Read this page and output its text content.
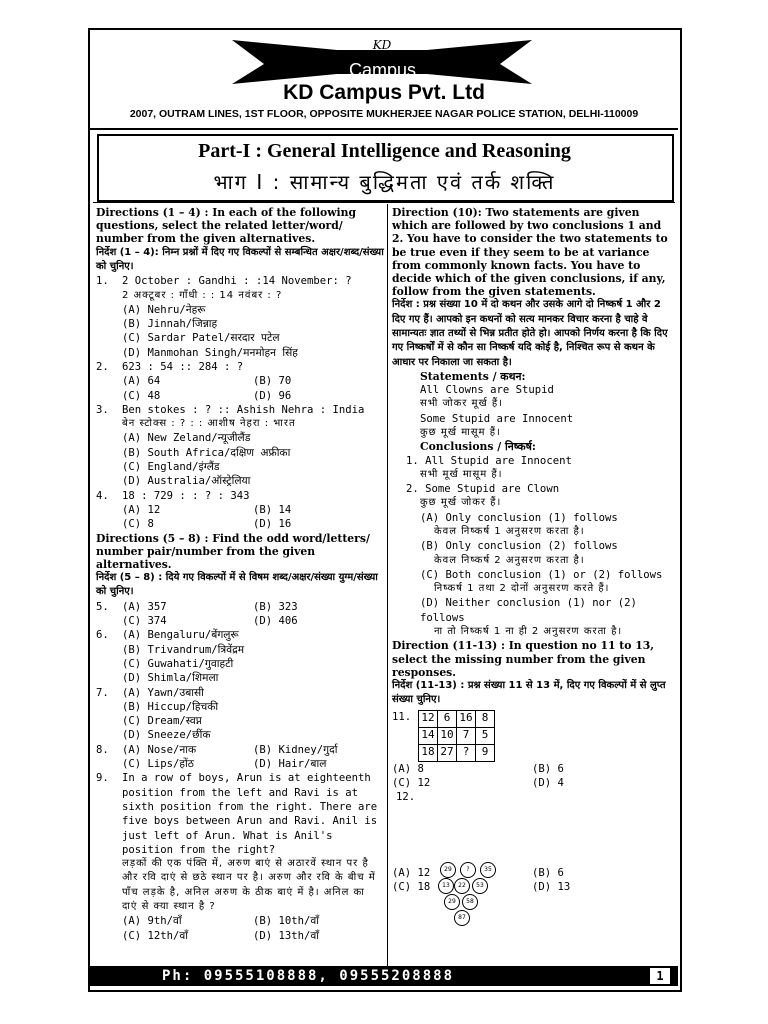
KD
Campus
KD Campus Pvt. Ltd
2007, OUTRAM LINES, 1ST FLOOR, OPPOSITE MUKHERJEE NAGAR POLICE STATION, DELHI-110009
Part-I : General Intelligence and Reasoning
भाग I : सामान्य बुद्धिमता एवं तर्क शक्ति
Directions (1 – 4) : In each of the following questions, select the related letter/word/ number from the given alternatives.
निर्देश (1 – 4): निम्न प्रश्नों में दिए गए विकल्पों से सम्बन्धित अक्षर/शब्द/संख्या को चुनिए।
1.	2 October : Gandhi : :14 November: ?
2 अक्टूबर : गाँधी : : 14 नवंबर : ?
(A) Nehru/नेहरू
(B) Jinnah/जिन्नाह
(C) Sardar Patel/सरदार पटेल
(D) Manmohan Singh/मनमोहन सिंह
2.	623 : 54 :: 284 : ?
(A) 64	(B) 70
(C) 48	(D) 96
3.	Ben stokes : ? :: Ashish Nehra : India
बेन स्टोक्स : ? : : आशीष नेहरा : भारत
(A) New Zeland/न्यूजीलैंड
(B) South Africa/दक्षिण अफ्रीका
(C) England/इंग्लैंड
(D) Australia/ऑस्ट्रेलिया
4.	18 : 729 : : ? : 343
(A) 12	(B) 14
(C) 8	(D) 16
Directions (5 – 8) : Find the odd word/letters/ number pair/number from the given alternatives.
निर्देश (5 – 8) : दिये गए विकल्पों में से विषम शब्द/अक्षर/संख्या युग्म/संख्या को चुनिए।
5.	(A) 357	(B) 323
(C) 374	(D) 406
6.	(A) Bengaluru/बेंगलुरू
(B) Trivandrum/त्रिवेंद्रम
(C) Guwahati/गुवाहटी
(D) Shimla/शिमला
7.	(A) Yawn/उबासी
(B) Hiccup/हिचकी
(C) Dream/स्वप्न
(D) Sneeze/छींक
8.	(A) Nose/नाक	(B) Kidney/गुर्दा
(C) Lips/होंठ	(D) Hair/बाल
9.	In a row of boys, Arun is at eighteenth position from the left and Ravi is at sixth position from the right. There are five boys between Arun and Ravi. Anil is just left of Arun. What is Anil's position from the right?
लड़कों की एक पंक्ति में, अरुण बाएं से अठारवें स्थान पर है और रवि दाएं से छठे स्थान पर है। अरुण और रवि के बीच में पाँच लड़के है, अनिल अरुण के ठीक बाएं में है। अनिल का दाएं से क्या स्थान है ?
(A) 9th/वाँ	(B) 10th/वाँ
(C) 12th/वाँ	(D) 13th/वाँ
Direction (10): Two statements are given which are followed by two conclusions 1 and 2. You have to consider the two statements to be true even if they seem to be at variance from commonly known facts. You have to decide which of the given conclusions, if any, follow from the given statements.
निर्देश : प्रश्न संख्या 10 में दो कथन और उसके आगे दो निष्कर्ष 1 और 2 दिए गए हैं। आपको इन कथनों को सत्य मानकर विचार करना है चाहे वे सामान्यतः ज्ञात तथ्यों से भिन्न प्रतीत होते हो। आपको निर्णय करना है कि दिए गए निष्कर्षों में से कौन सा निष्कर्ष यदि कोई है, निश्चित रूप से कथन के आधार पर निकाला जा सकता है।
Statements / कथन:
All Clowns are Stupid
सभी जोकर मूर्ख हैं।
Some Stupid are Innocent
कुछ मूर्ख मासूम हैं।
Conclusions / निष्कर्ष:
1. All Stupid are Innocent
सभी मूर्ख मासूम हैं।
2. Some Stupid are Clown
कुछ मूर्ख जोकर हैं।
(A) Only conclusion (1) follows
केवल निष्कर्ष 1 अनुसरण करता है।
(B) Only conclusion (2) follows
केवल निष्कर्ष 2 अनुसरण करता है।
(C) Both conclusion (1) or (2) follows
निष्कर्ष 1 तथा 2 दोनों अनुसरण करते हैं।
(D) Neither conclusion (1) nor (2) follows
ना तो निष्कर्ष 1 ना ही 2 अनुसरण करता है।
Direction (11-13) : In question no 11 to 13, select the missing number from the given responses.
निर्देश (11-13) : प्रश्न संख्या 11 से 13 में, दिए गए विकल्पों में से लुप्त संख्या चुनिए।
11. 12	6	16	8
14	10	7	5
18	27	?	9
(A) 8	(B) 6
(C) 12	(D) 4
12.
(A) 12	(B) 6
(C) 18	(D) 13
29	?	35
13	22	53
29	58
87
Ph: 09555108888, 09555208888	1
